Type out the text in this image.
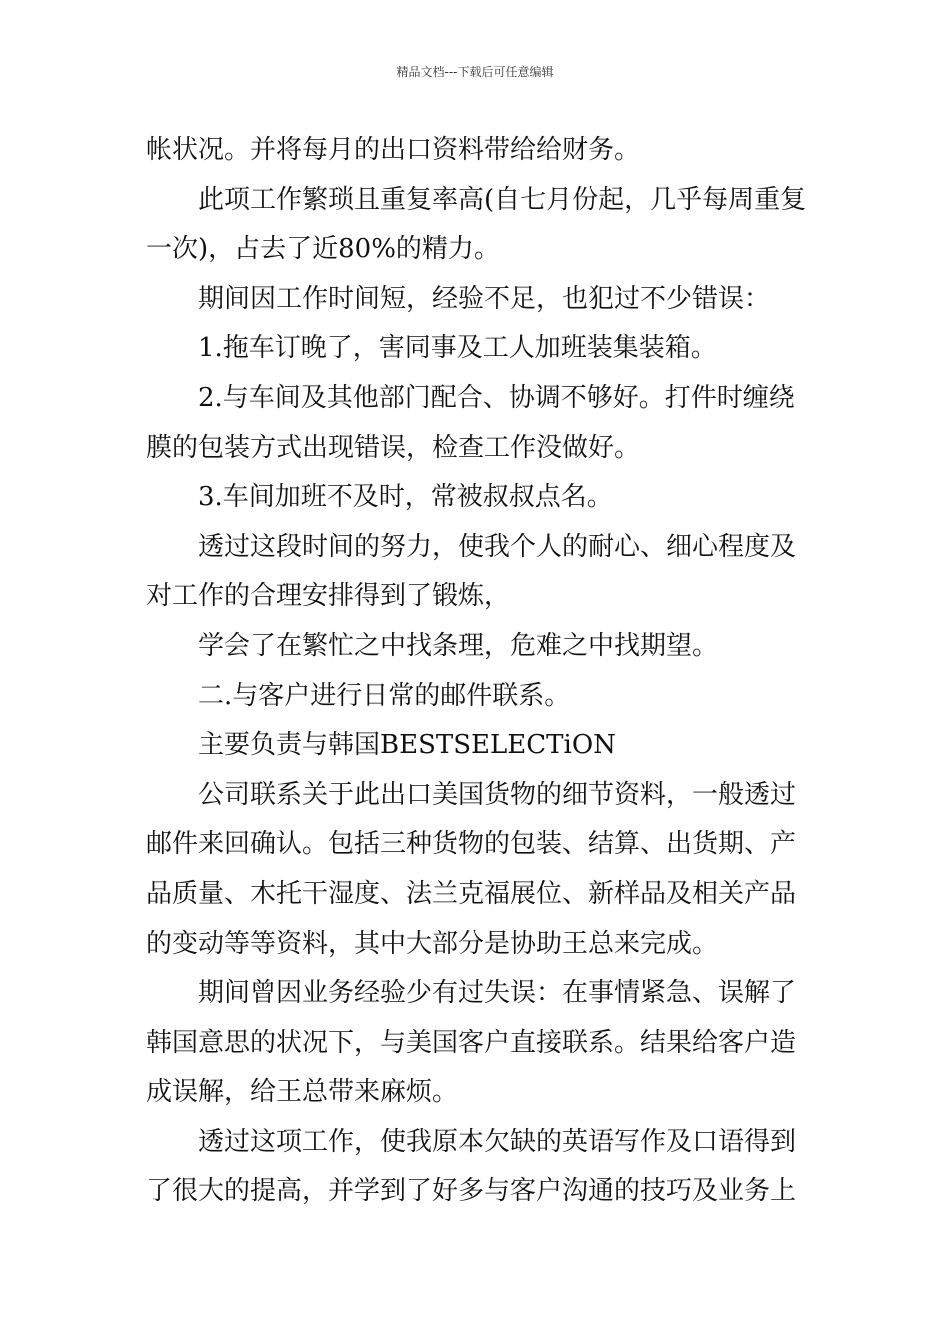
精品文档---下载后可任意编辑
帐状况。并将每月的出口资料带给给财务。
此项工作繁琐且重复率高(自七月份起，几乎每周重复
一次)，占去了近80%的精力。
期间因工作时间短，经验不足，也犯过不少错误：
1.拖车订晚了，害同事及工人加班装集装箱。
2.与车间及其他部门配合、协调不够好。打件时缠绕
膜的包装方式出现错误，检查工作没做好。
3.车间加班不及时，常被叔叔点名。
透过这段时间的努力，使我个人的耐心、细心程度及
对工作的合理安排得到了锻炼，
学会了在繁忙之中找条理，危难之中找期望。
二.与客户进行日常的邮件联系。
主要负责与韩国BESTSELECTiON
公司联系关于此出口美国货物的细节资料，一般透过
邮件来回确认。包括三种货物的包装、结算、出货期、产
品质量、木托干湿度、法兰克福展位、新样品及相关产品
的变动等等资料，其中大部分是协助王总来完成。
期间曾因业务经验少有过失误：在事情紧急、误解了
韩国意思的状况下，与美国客户直接联系。结果给客户造
成误解，给王总带来麻烦。
透过这项工作，使我原本欠缺的英语写作及口语得到
了很大的提高，并学到了好多与客户沟通的技巧及业务上
